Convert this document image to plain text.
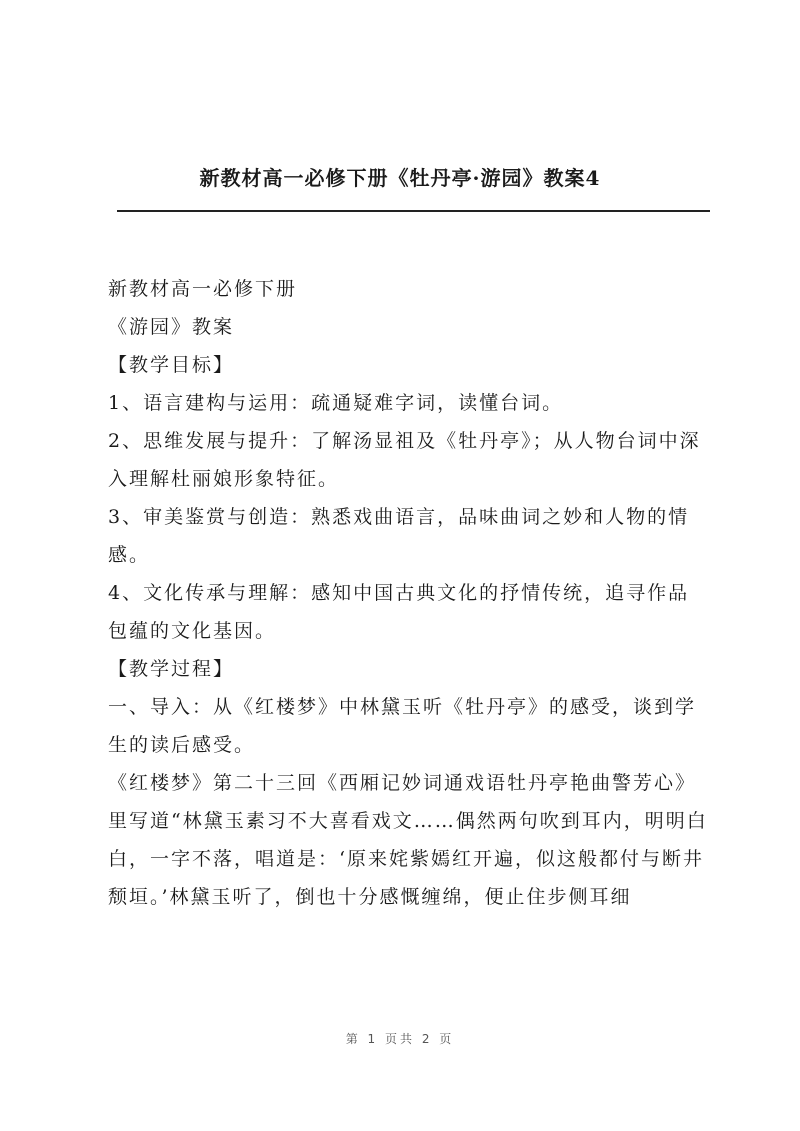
新教材高一必修下册《牡丹亭·游园》教案4

新教材高一必修下册

《游园》教案

【教学目标】

1、语言建构与运用：疏通疑难字词，读懂台词。

2、思维发展与提升：了解汤显祖及《牡丹亭》；从人物台词中深入理解杜丽娘形象特征。

3、审美鉴赏与创造：熟悉戏曲语言，品味曲词之妙和人物的情感。

4、文化传承与理解：感知中国古典文化的抒情传统，追寻作品包蕴的文化基因。

【教学过程】

一、导入：从《红楼梦》中林黛玉听《牡丹亭》的感受，谈到学生的读后感受。

《红楼梦》第二十三回《西厢记妙词通戏语牡丹亭艳曲警芳心》里写道“林黛玉素习不大喜看戏文……偶然两句吹到耳内，明明白白，一字不落，唱道是：‘原来姹紫嫣红开遍，似这般都付与断井颓垣。’林黛玉听了，倒也十分感慨缠绵，便止住步侧耳细

第 1 页共 2 页
